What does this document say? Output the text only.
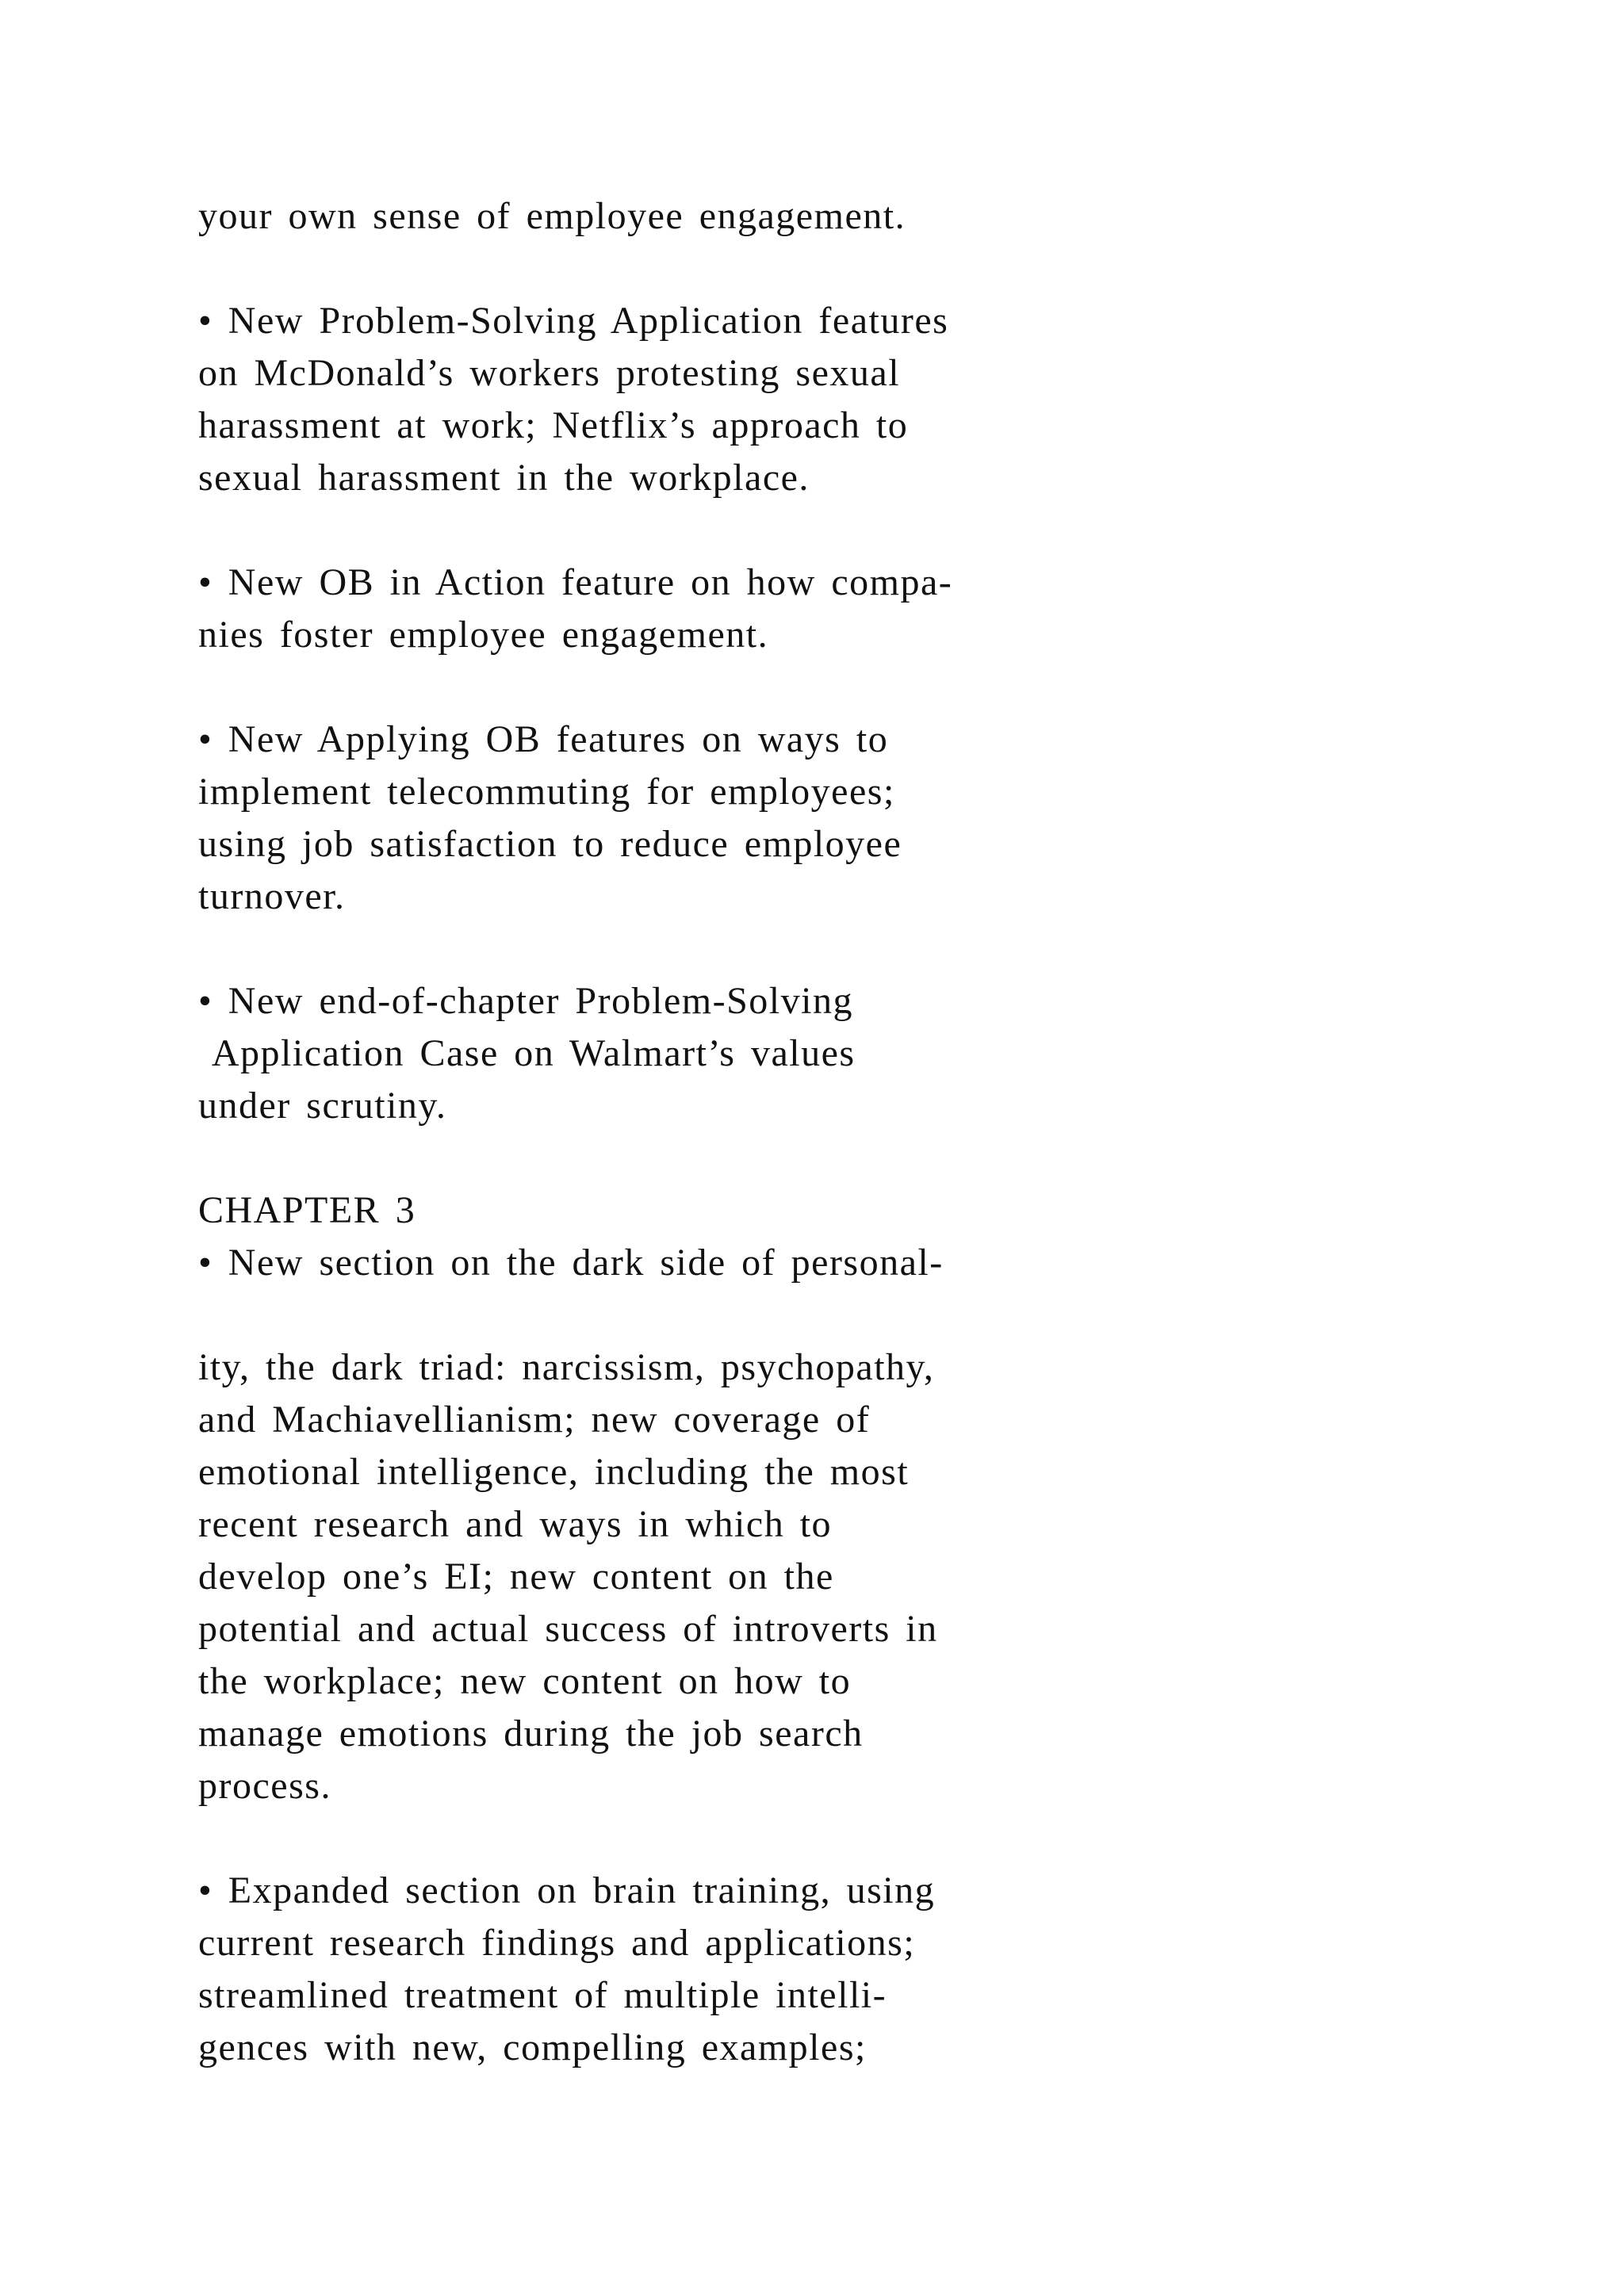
your own sense of employee engagement.
• New Problem-Solving Application features
on McDonald’s workers protesting sexual
harassment at work; Netflix’s approach to
sexual harassment in the workplace.
• New OB in Action feature on how compa-
nies foster employee engagement.
• New Applying OB features on ways to
implement telecommuting for employees;
using job satisfaction to reduce employee
turnover.
• New end-of-chapter Problem-Solving
Application Case on Walmart’s values
under scrutiny.
CHAPTER 3
• New section on the dark side of personal-
ity, the dark triad: narcissism, psychopathy,
and Machiavellianism; new coverage of
emotional intelligence, including the most
recent research and ways in which to
develop one’s EI; new content on the
potential and actual success of introverts in
the workplace; new content on how to
manage emotions during the job search
process.
• Expanded section on brain training, using
current research findings and applications;
streamlined treatment of multiple intelli-
gences with new, compelling examples;
